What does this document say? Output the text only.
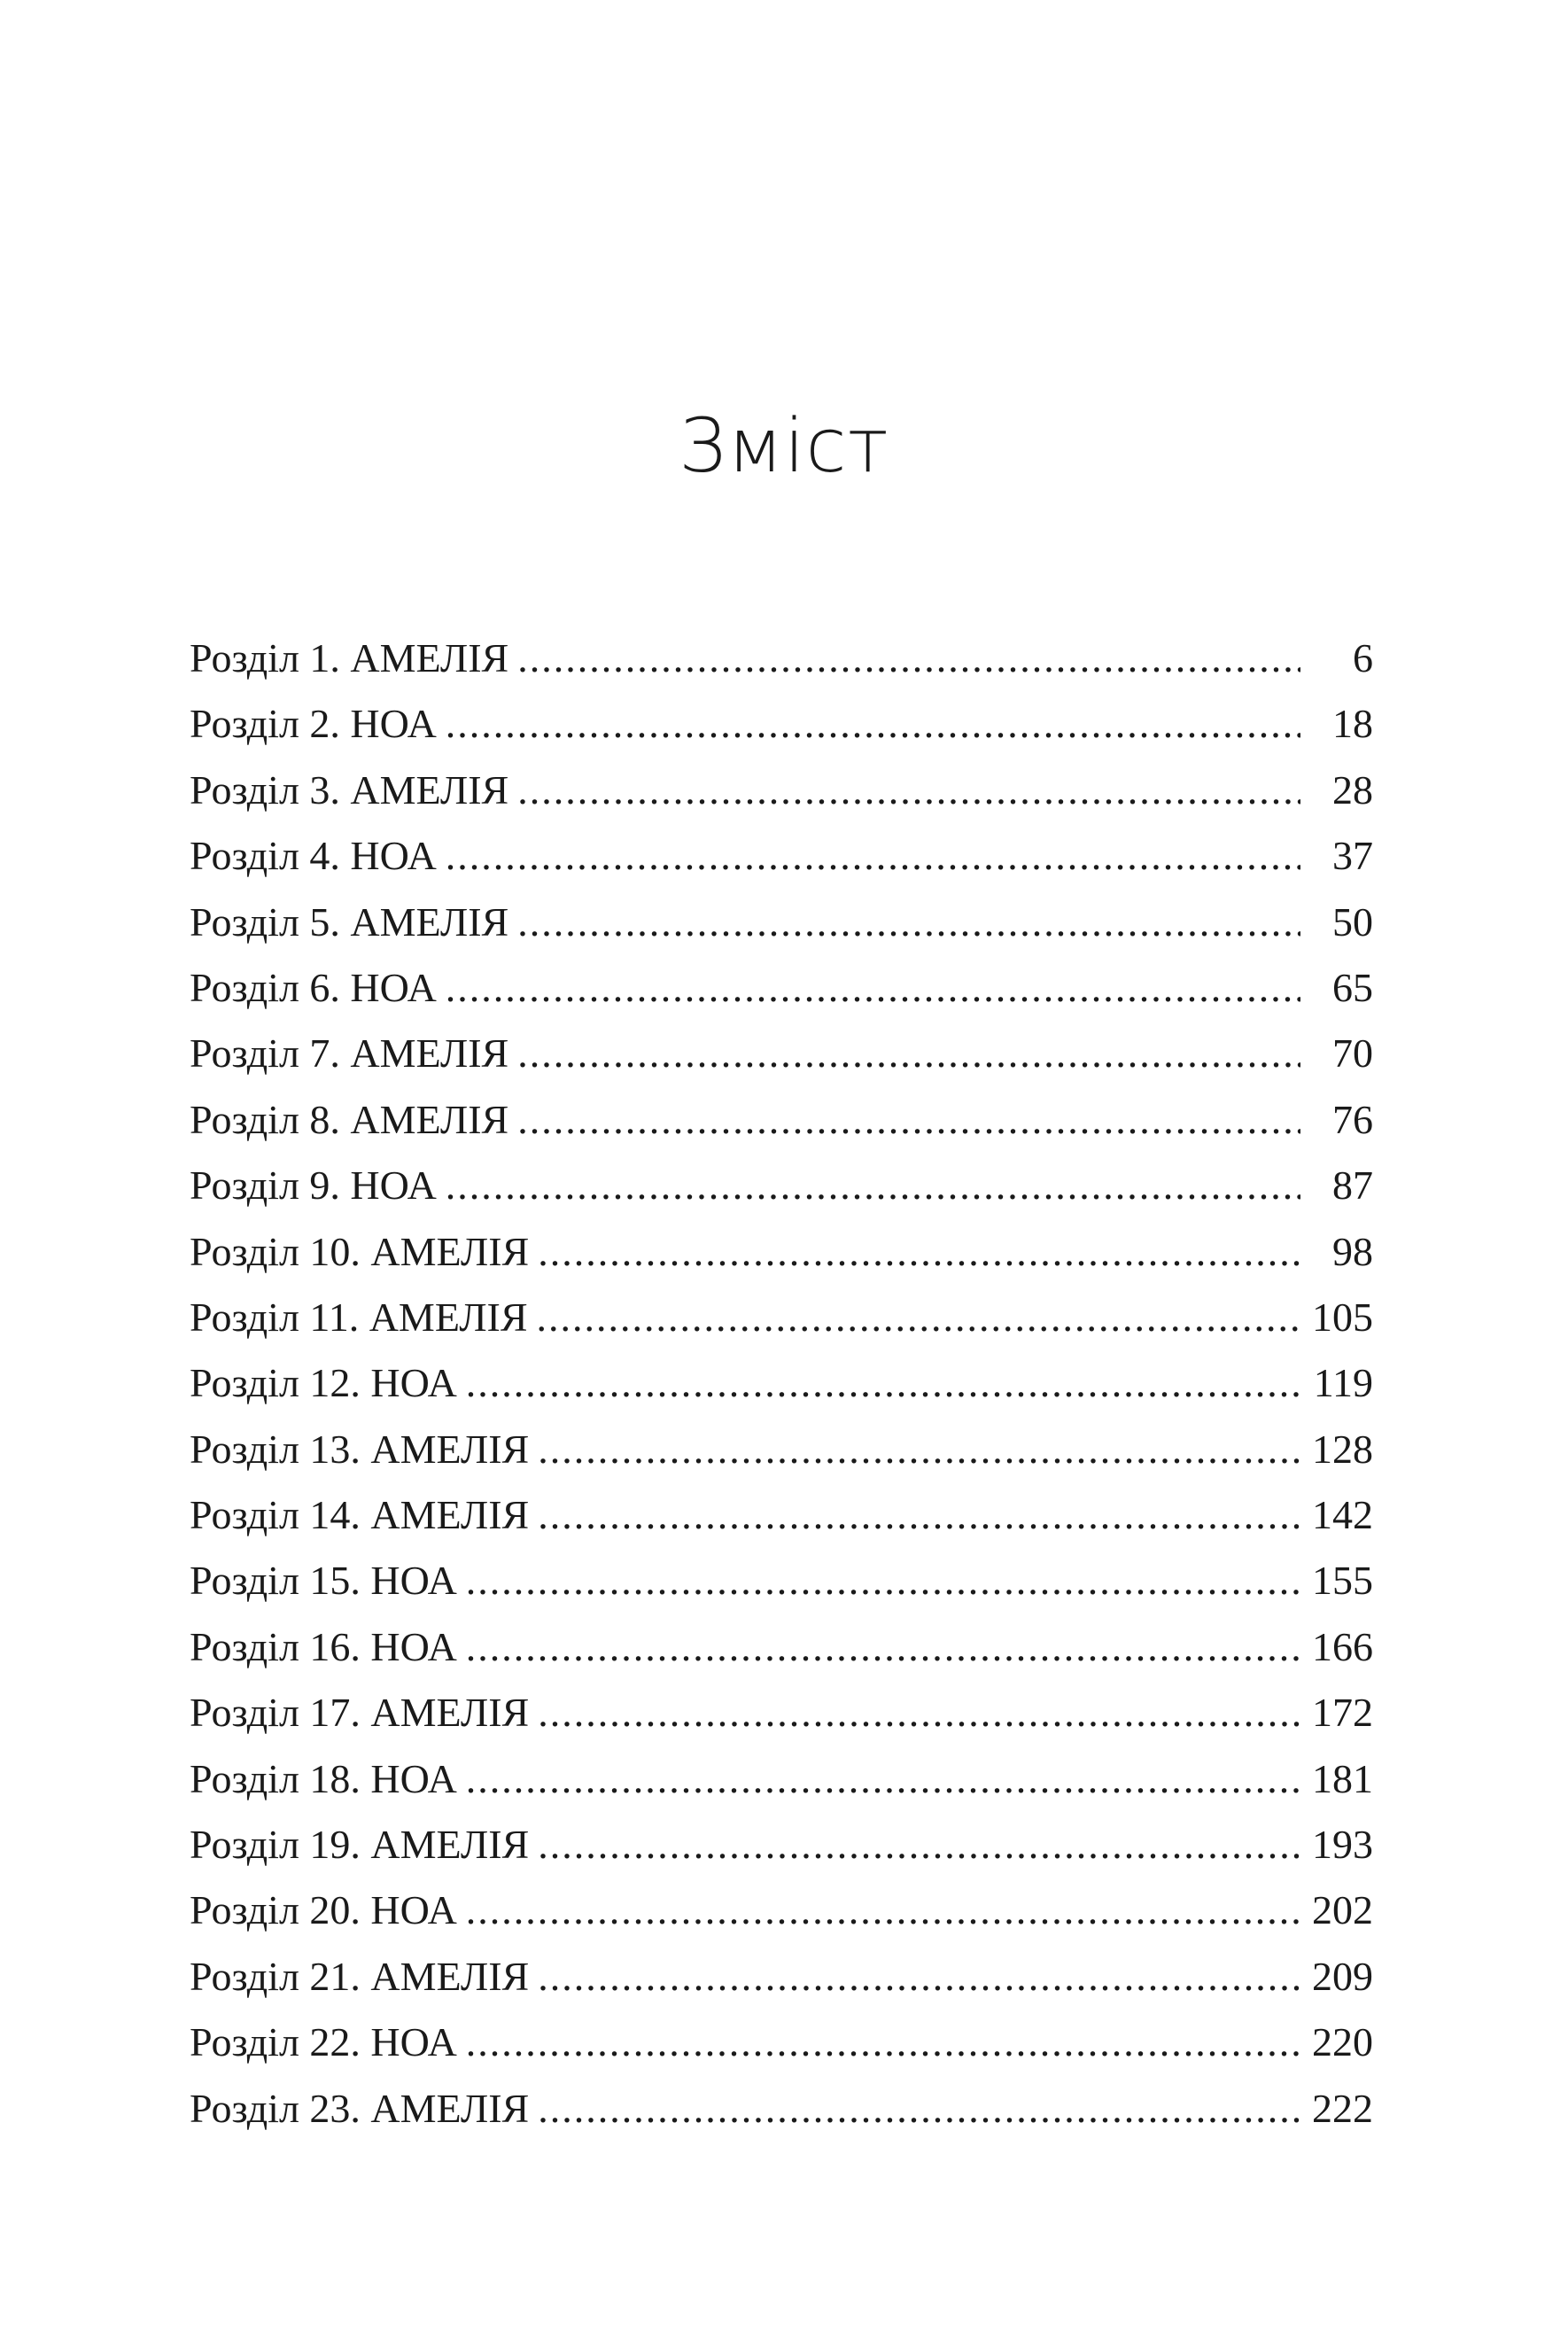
Зміст
Розділ 1. АМЕЛІЯ .....	6
Розділ 2. НОА .....	18
Розділ 3. АМЕЛІЯ .....	28
Розділ 4. НОА .....	37
Розділ 5. АМЕЛІЯ .....	50
Розділ 6. НОА .....	65
Розділ 7. АМЕЛІЯ .....	70
Розділ 8. АМЕЛІЯ .....	76
Розділ 9. НОА .....	87
Розділ 10. АМЕЛІЯ .....	98
Розділ 11. АМЕЛІЯ .....	105
Розділ 12. НОА .....	119
Розділ 13. АМЕЛІЯ .....	128
Розділ 14. АМЕЛІЯ .....	142
Розділ 15. НОА .....	155
Розділ 16. НОА .....	166
Розділ 17. АМЕЛІЯ .....	172
Розділ 18. НОА .....	181
Розділ 19. АМЕЛІЯ .....	193
Розділ 20. НОА .....	202
Розділ 21. АМЕЛІЯ .....	209
Розділ 22. НОА .....	220
Розділ 23. АМЕЛІЯ .....	222
